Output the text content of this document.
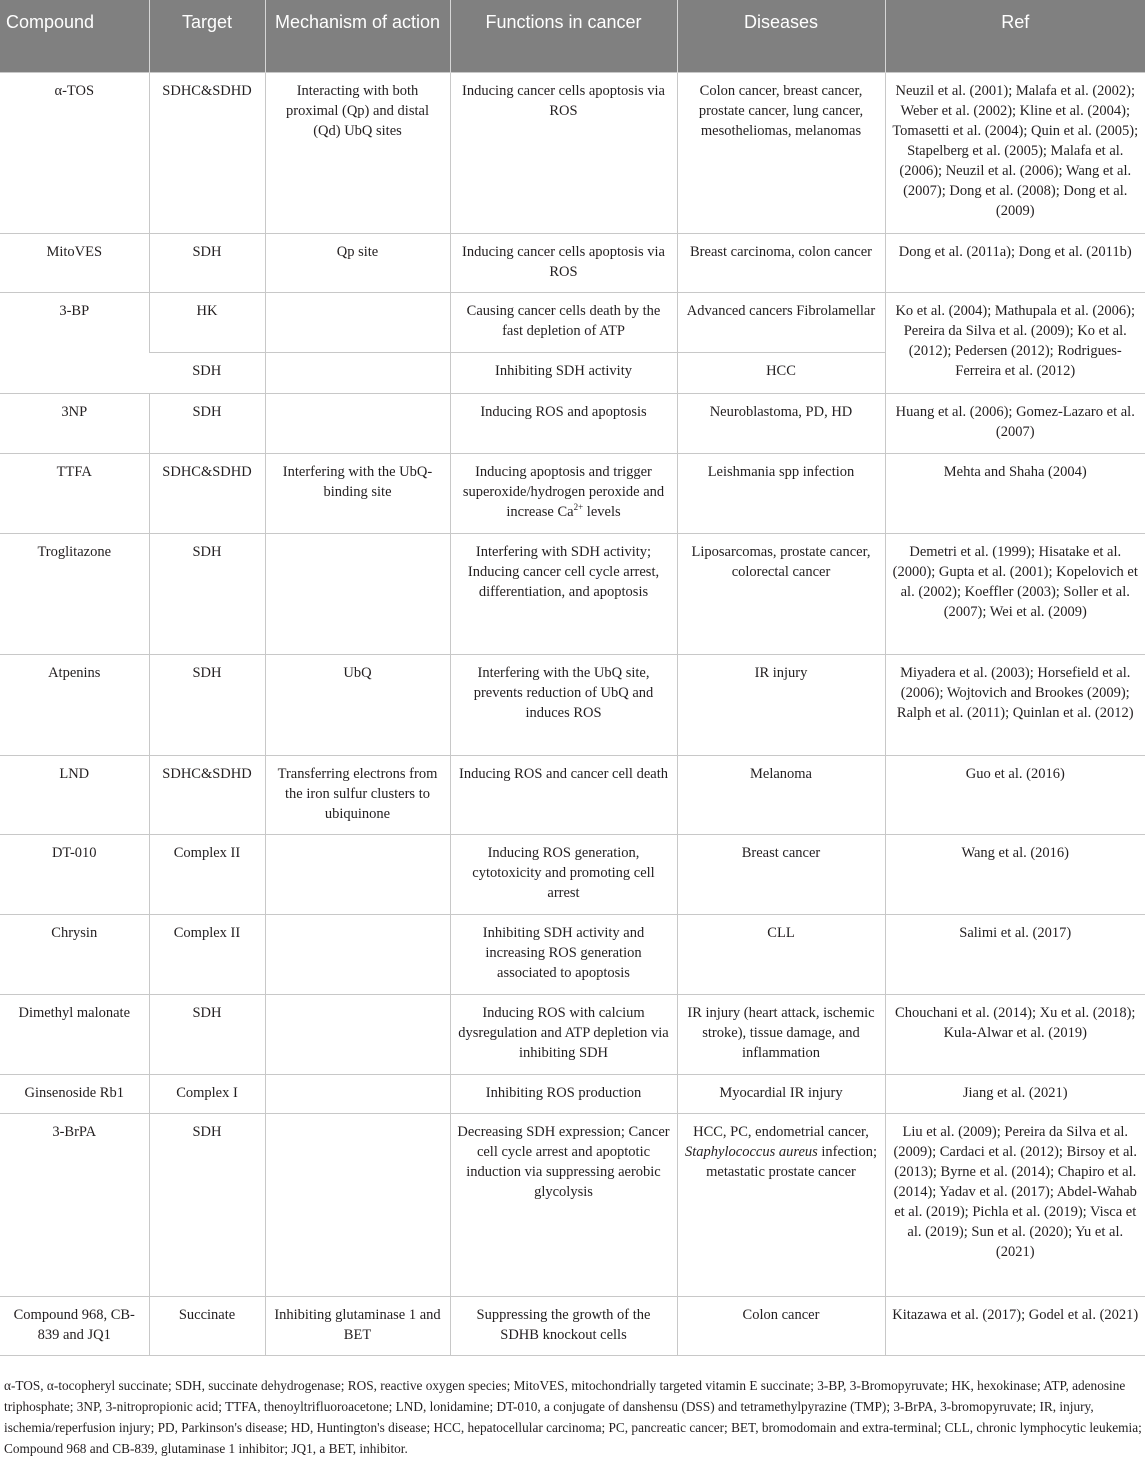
Compound	Target	Mechanism of action	Functions in cancer	Diseases	Ref
α-TOS	SDHC&SDHD	Interacting with both proximal (Qp) and distal (Qd) UbQ sites	Inducing cancer cells apoptosis via ROS	Colon cancer, breast cancer, prostate cancer, lung cancer, mesotheliomas, melanomas	Neuzil et al. (2001); Malafa et al. (2002); Weber et al. (2002); Kline et al. (2004); Tomasetti et al. (2004); Quin et al. (2005); Stapelberg et al. (2005); Malafa et al. (2006); Neuzil et al. (2006); Wang et al. (2007); Dong et al. (2008); Dong et al. (2009)
MitoVES	SDH	Qp site	Inducing cancer cells apoptosis via ROS	Breast carcinoma, colon cancer	Dong et al. (2011a); Dong et al. (2011b)
3-BP	HK		Causing cancer cells death by the fast depletion of ATP	Advanced cancers Fibrolamellar	Ko et al. (2004); Mathupala et al. (2006); Pereira da Silva et al. (2009); Ko et al. (2012); Pedersen (2012); Rodrigues-Ferreira et al. (2012)
	SDH		Inhibiting SDH activity	HCC	
3NP	SDH		Inducing ROS and apoptosis	Neuroblastoma, PD, HD	Huang et al. (2006); Gomez-Lazaro et al. (2007)
TTFA	SDHC&SDHD	Interfering with the UbQ-binding site	Inducing apoptosis and trigger superoxide/hydrogen peroxide and increase $Ca^{2+}$ levels	Leishmania spp infection	Mehta and Shaha (2004)
Troglitazone	SDH		Interfering with SDH activity; Inducing cancer cell cycle arrest, differentiation, and apoptosis	Liposarcomas, prostate cancer, colorectal cancer	Demetri et al. (1999); Hisatake et al. (2000); Gupta et al. (2001); Kopelovich et al. (2002); Koeffler (2003); Soller et al. (2007); Wei et al. (2009)
Atpenins	SDH	UbQ	Interfering with the UbQ site, prevents reduction of UbQ and induces ROS	IR injury	Miyadera et al. (2003); Horsefield et al. (2006); Wojtovich and Brookes (2009); Ralph et al. (2011); Quinlan et al. (2012)
LND	SDHC&SDHD	Transferring electrons from the iron sulfur clusters to ubiquinone	Inducing ROS and cancer cell death	Melanoma	Guo et al. (2016)
DT-010	Complex II		Inducing ROS generation, cytotoxicity and promoting cell arrest	Breast cancer	Wang et al. (2016)
Chrysin	Complex II		Inhibiting SDH activity and increasing ROS generation associated to apoptosis	CLL	Salimi et al. (2017)
Dimethyl malonate	SDH		Inducing ROS with calcium dysregulation and ATP depletion via inhibiting SDH	IR injury (heart attack, ischemic stroke), tissue damage, and inflammation	Chouchani et al. (2014); Xu et al. (2018); Kula-Alwar et al. (2019)
Ginsenoside Rb1	Complex I		Inhibiting ROS production	Myocardial IR injury	Jiang et al. (2021)
3-BrPA	SDH		Decreasing SDH expression; Cancer cell cycle arrest and apoptotic induction via suppressing aerobic glycolysis	HCC, PC, endometrial cancer, Staphylococcus aureus infection; metastatic prostate cancer	Liu et al. (2009); Pereira da Silva et al. (2009); Cardaci et al. (2012); Birsoy et al. (2013); Byrne et al. (2014); Chapiro et al. (2014); Yadav et al. (2017); Abdel-Wahab et al. (2019); Pichla et al. (2019); Visca et al. (2019); Sun et al. (2020); Yu et al. (2021)
Compound 968, CB-839 and JQ1	Succinate	Inhibiting glutaminase 1 and BET	Suppressing the growth of the SDHB knockout cells	Colon cancer	Kitazawa et al. (2017); Godel et al. (2021)
α-TOS, α-tocopheryl succinate; SDH, succinate dehydrogenase; ROS, reactive oxygen species; MitoVES, mitochondrially targeted vitamin E succinate; 3-BP, 3-Bromopyruvate; HK, hexokinase; ATP, adenosine triphosphate; 3NP, 3-nitropropionic acid; TTFA, thenoyltrifluoroacetone; LND, lonidamine; DT-010, a conjugate of danshensu (DSS) and tetramethylpyrazine (TMP); 3-BrPA, 3-bromopyruvate; IR, injury, ischemia/reperfusion injury; PD, Parkinson's disease; HD, Huntington's disease; HCC, hepatocellular carcinoma; PC, pancreatic cancer; BET, bromodomain and extra-terminal; CLL, chronic lymphocytic leukemia; Compound 968 and CB-839, glutaminase 1 inhibitor; JQ1, a BET, inhibitor.
